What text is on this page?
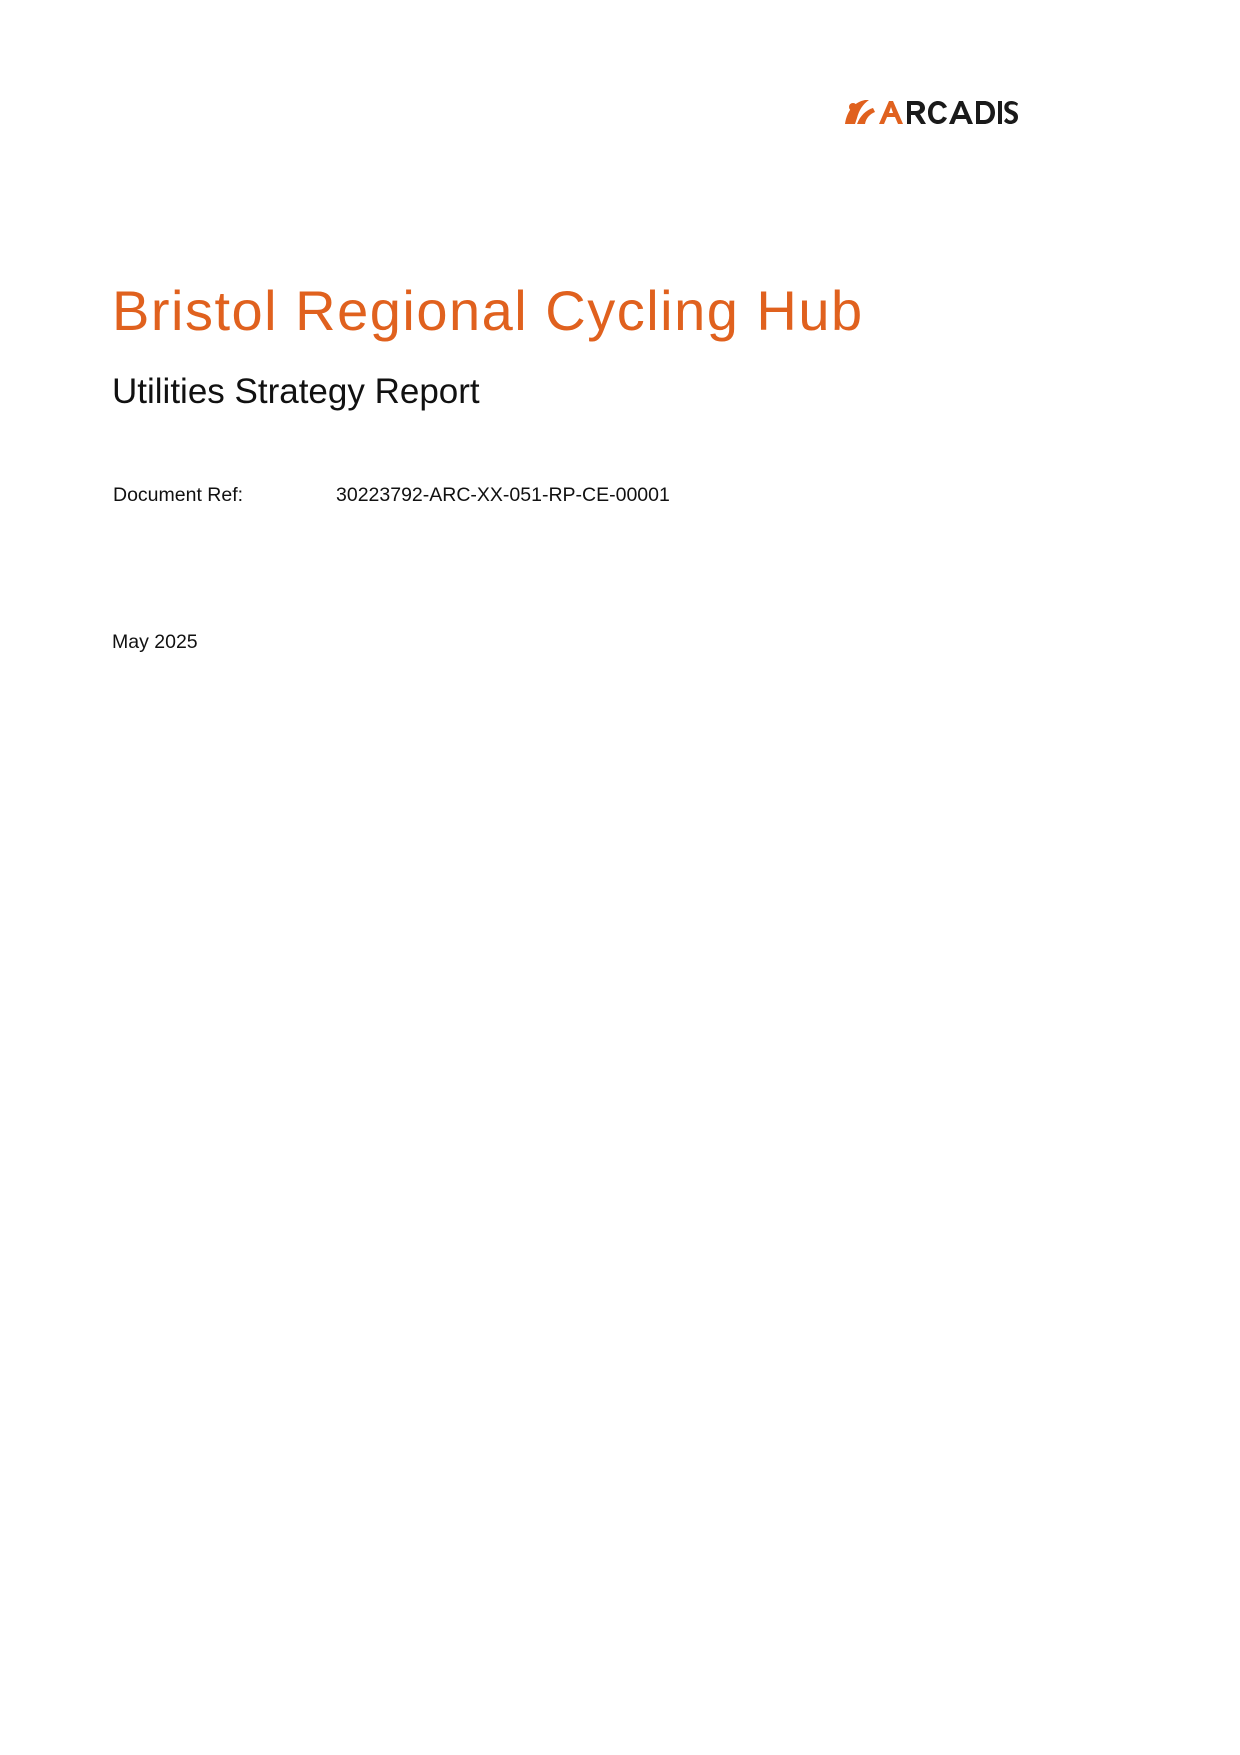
Bristol Regional Cycling Hub
Utilities Strategy Report
Document Ref:	30223792-ARC-XX-051-RP-CE-00001
May 2025
